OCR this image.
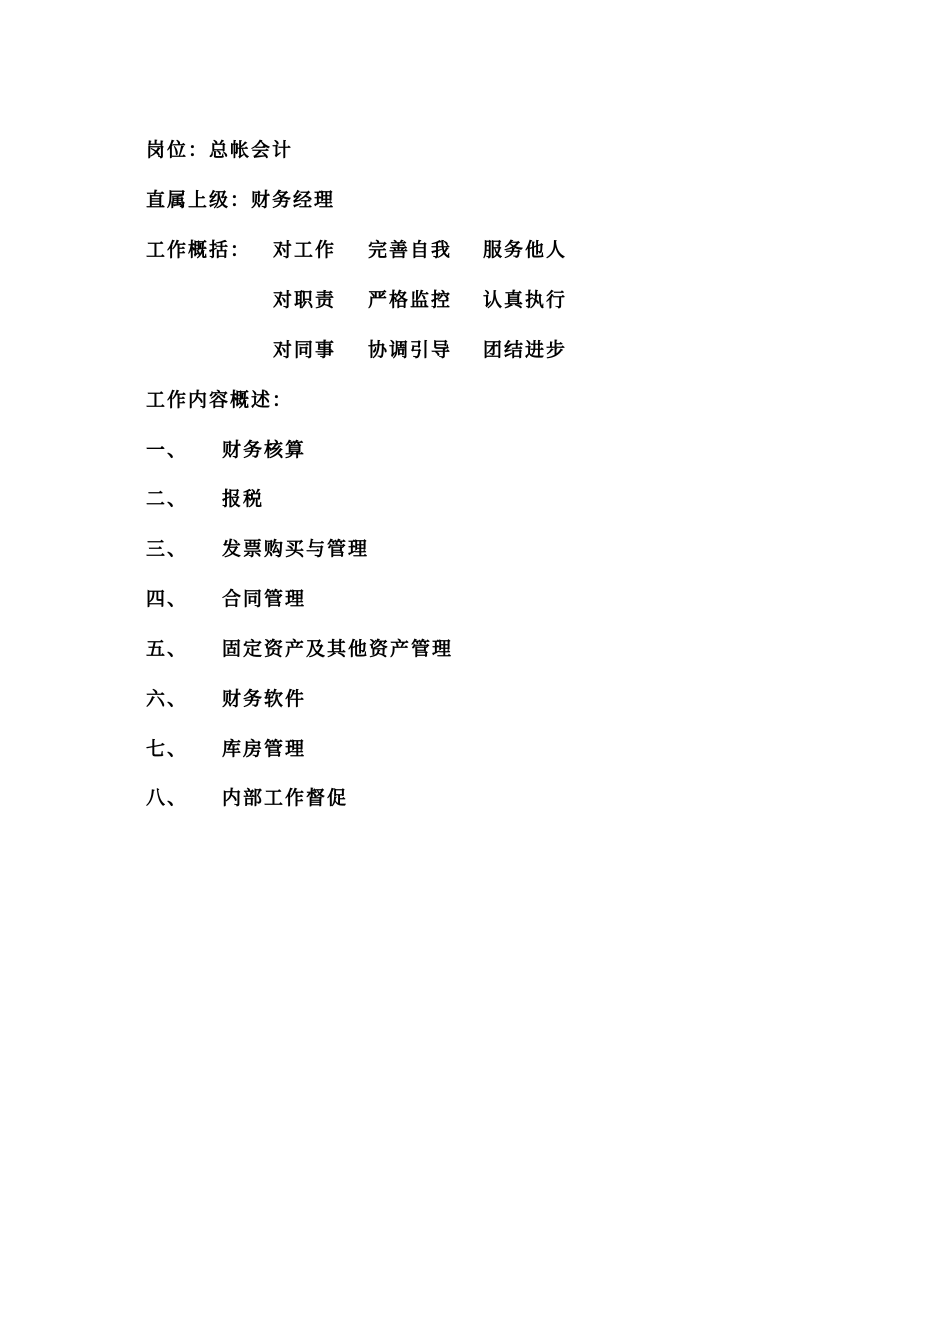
岗位：总帐会计
直属上级：财务经理
工作概括： 对工作 完善自我 服务他人
对职责 严格监控 认真执行
对同事 协调引导 团结进步
工作内容概述：
一、 财务核算
二、 报税
三、 发票购买与管理
四、 合同管理
五、 固定资产及其他资产管理
六、 财务软件
七、 库房管理
八、 内部工作督促
